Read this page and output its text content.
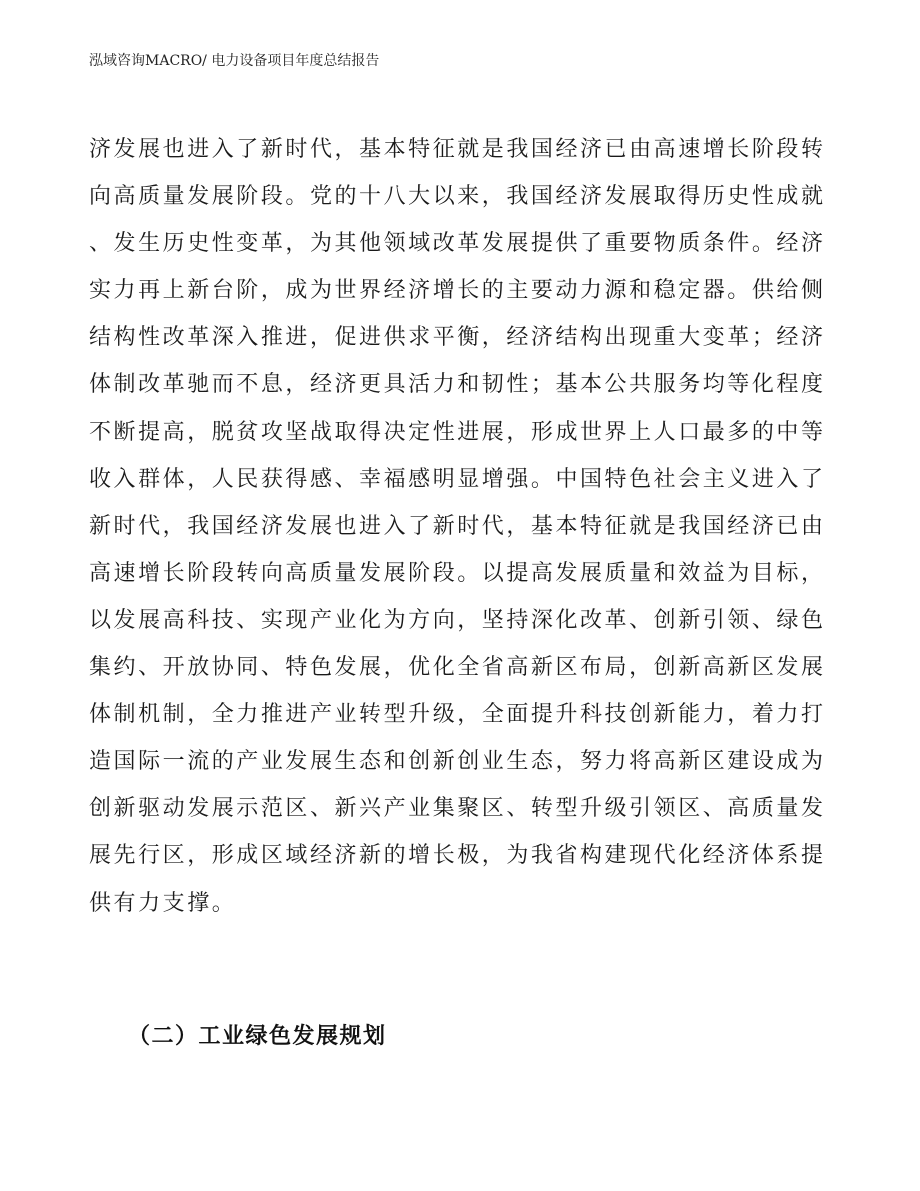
泓域咨询MACRO/ 电力设备项目年度总结报告
济发展也进入了新时代，基本特征就是我国经济已由高速增长阶段转
向高质量发展阶段。党的十八大以来，我国经济发展取得历史性成就
、发生历史性变革，为其他领域改革发展提供了重要物质条件。经济
实力再上新台阶，成为世界经济增长的主要动力源和稳定器。供给侧
结构性改革深入推进，促进供求平衡，经济结构出现重大变革；经济
体制改革驰而不息，经济更具活力和韧性；基本公共服务均等化程度
不断提高，脱贫攻坚战取得决定性进展，形成世界上人口最多的中等
收入群体，人民获得感、幸福感明显增强。中国特色社会主义进入了
新时代，我国经济发展也进入了新时代，基本特征就是我国经济已由
高速增长阶段转向高质量发展阶段。以提高发展质量和效益为目标，
以发展高科技、实现产业化为方向，坚持深化改革、创新引领、绿色
集约、开放协同、特色发展，优化全省高新区布局，创新高新区发展
体制机制，全力推进产业转型升级，全面提升科技创新能力，着力打
造国际一流的产业发展生态和创新创业生态，努力将高新区建设成为
创新驱动发展示范区、新兴产业集聚区、转型升级引领区、高质量发
展先行区，形成区域经济新的增长极，为我省构建现代化经济体系提
供有力支撑。
（二）工业绿色发展规划
